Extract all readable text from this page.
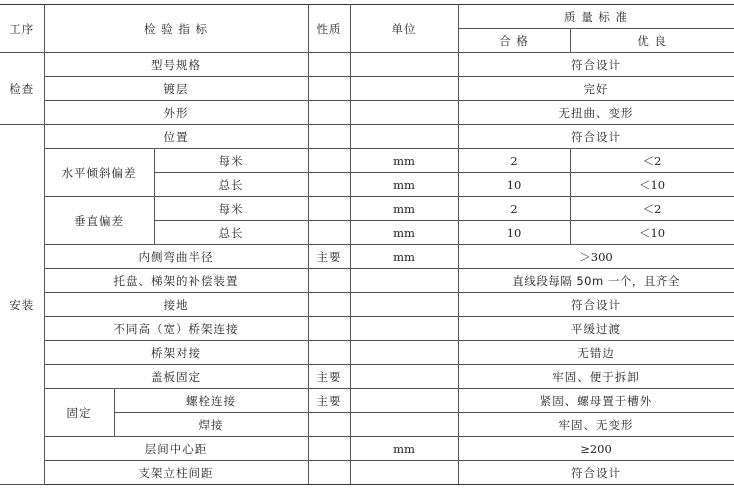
工序	检 验 指 标			性质	单位	质 量 标 准	
						合 格	优 良	
检查	型号规格					符合设计	
	镀层					完好	
	外形					无扭曲、变形	
安装	位置					符合设计	
	水平倾斜偏差		每米		mm	2	＜2	
			总长		mm	10	＜10	
	垂直偏差		每米		mm	2	＜2	
			总长		mm	10	＜10	
	内侧弯曲半径			主要	mm	＞300	
	托盘、梯架的补偿装置					直线段每隔 50m 一个，且齐全	
	接地					符合设计	
	不同高（宽）桥架连接					平缓过渡	
	桥架对接					无错边	
	盖板固定			主要		牢固、便于拆卸	
	固定	螺栓连接		主要		紧固、螺母置于槽外	
		焊接				牢固、无变形	
	层间中心距				mm	≥200	
	支架立柱间距					符合设计	
